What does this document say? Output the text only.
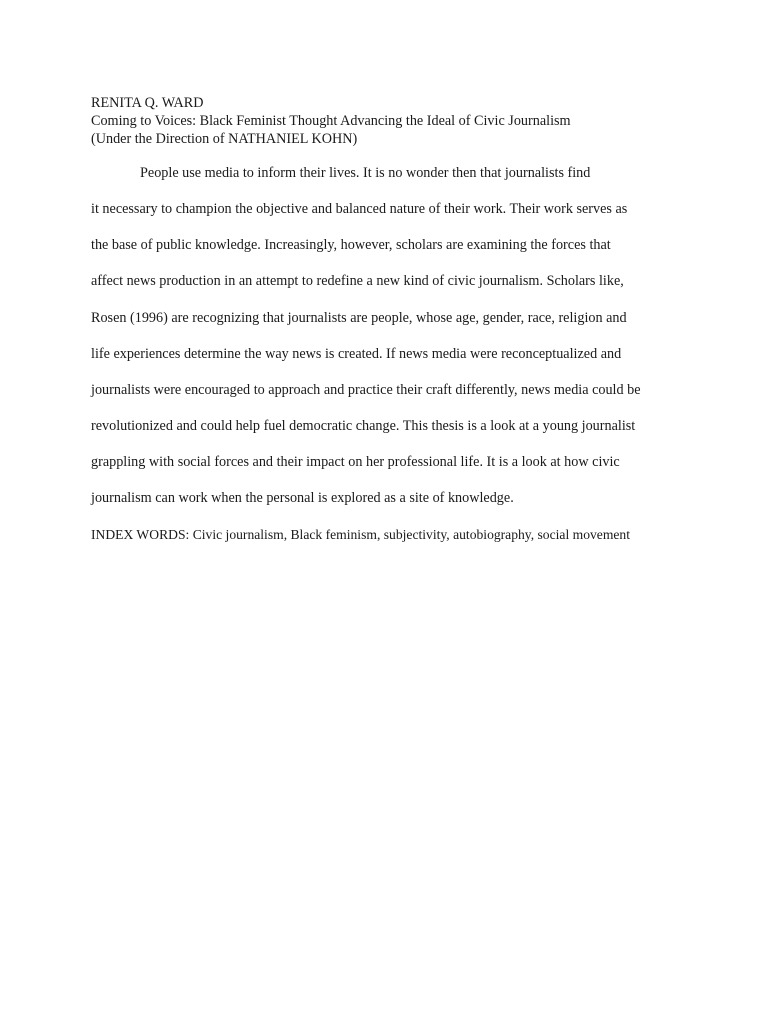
RENITA Q. WARD
Coming to Voices: Black Feminist Thought Advancing the Ideal of Civic Journalism
(Under the Direction of NATHANIEL KOHN)
People use media to inform their lives. It is no wonder then that journalists find
it necessary to champion the objective and balanced nature of their work. Their work serves as
the base of public knowledge. Increasingly, however, scholars are examining the forces that
affect news production in an attempt to redefine a new kind of civic journalism. Scholars like,
Rosen (1996) are recognizing that journalists are people, whose age, gender, race, religion and
life experiences determine the way news is created. If news media were reconceptualized and
journalists were encouraged to approach and practice their craft differently, news media could be
revolutionized and could help fuel democratic change. This thesis is a look at a young journalist
grappling with social forces and their impact on her professional life. It is a look at how civic
journalism can work when the personal is explored as a site of knowledge.
INDEX WORDS: Civic journalism, Black feminism, subjectivity, autobiography, social movement
